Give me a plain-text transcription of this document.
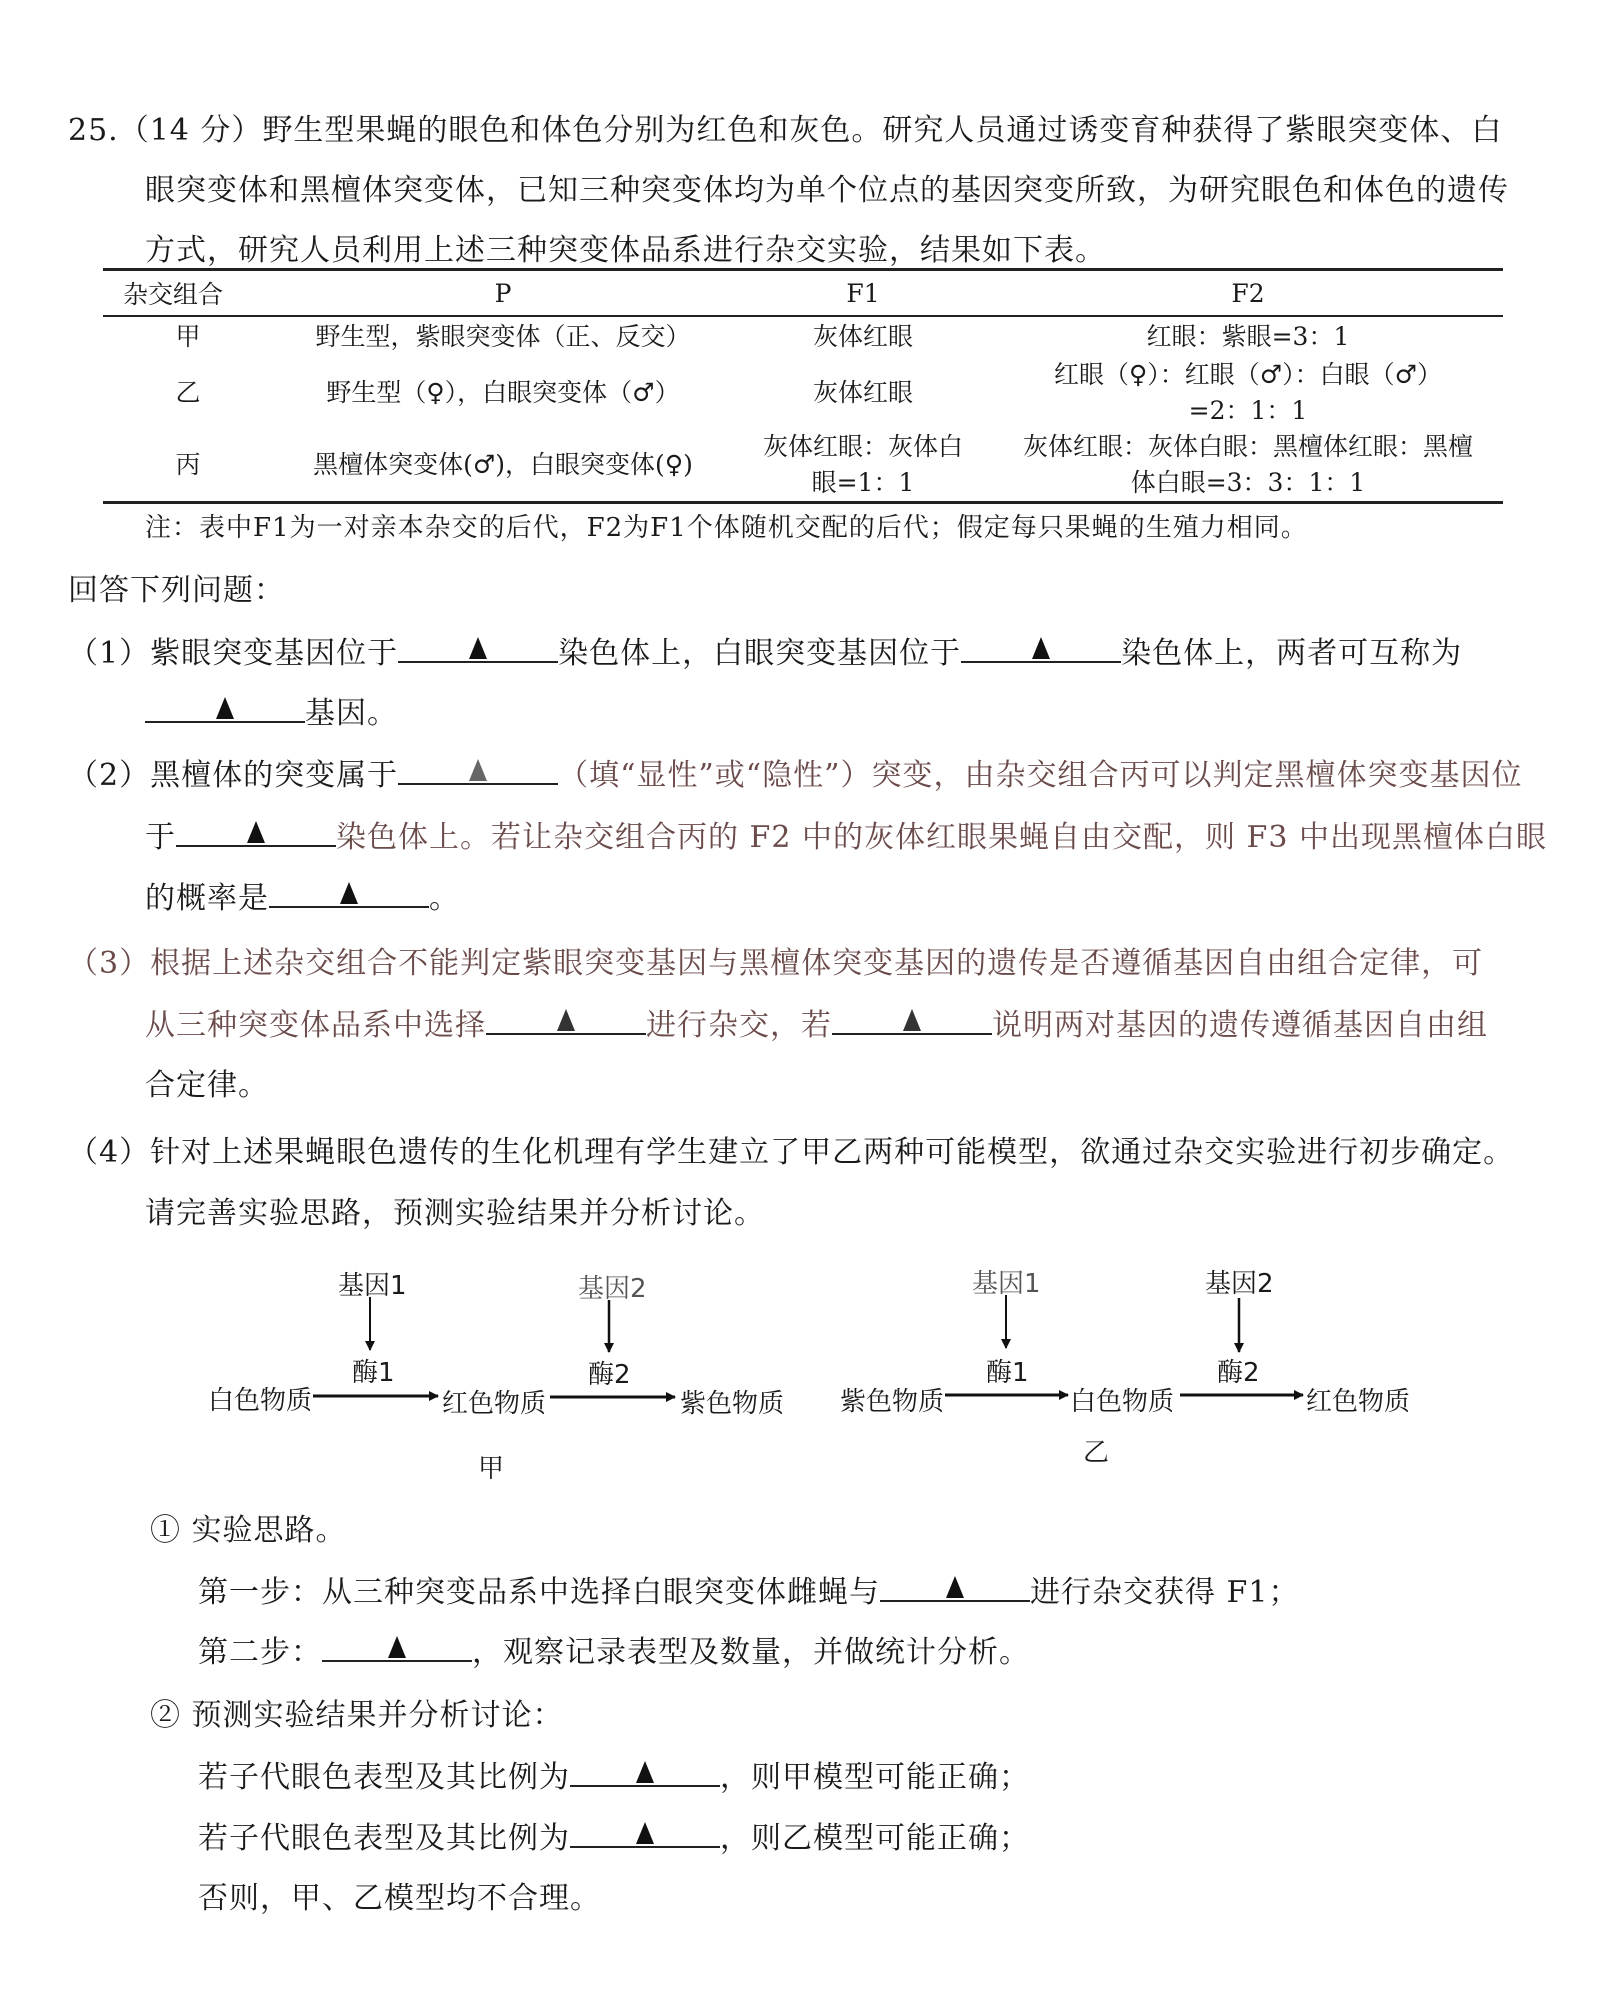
25.（14 分）野生型果蝇的眼色和体色分别为红色和灰色。研究人员通过诱变育种获得了紫眼突变体、白
眼突变体和黑檀体突变体，已知三种突变体均为单个位点的基因突变所致，为研究眼色和体色的遗传
方式，研究人员利用上述三种突变体品系进行杂交实验，结果如下表。
杂交组合	P	F1	F2
甲	野生型，紫眼突变体（正、反交）	灰体红眼	红眼：紫眼=3：1
乙	野生型（♀），白眼突变体（♂）	灰体红眼	红眼（♀）：红眼（♂）：白眼（♂）=2：1：1
丙	黑檀体突变体(♂)，白眼突变体(♀)	灰体红眼：灰体白眼=1：1	灰体红眼：灰体白眼：黑檀体红眼：黑檀体白眼=3：3：1：1
注：表中F1为一对亲本杂交的后代，F2为F1个体随机交配的后代；假定每只果蝇的生殖力相同。
回答下列问题：
（1）紫眼突变基因位于	染色体上，白眼突变基因位于	染色体上，两者可互称为
基因。
（2）黑檀体的突变属于	（填“显性”或“隐性”）突变，由杂交组合丙可以判定黑檀体突变基因位
于	染色体上。若让杂交组合丙的 F2 中的灰体红眼果蝇自由交配，则 F3 中出现黑檀体白眼
的概率是	。
（3）根据上述杂交组合不能判定紫眼突变基因与黑檀体突变基因的遗传是否遵循基因自由组合定律，可
从三种突变体品系中选择	进行杂交，若	说明两对基因的遗传遵循基因自由组
合定律。
（4）针对上述果蝇眼色遗传的生化机理有学生建立了甲乙两种可能模型，欲通过杂交实验进行初步确定。
请完善实验思路，预测实验结果并分析讨论。
基因1	基因2
酶1	酶2
白色物质	红色物质	紫色物质
甲
基因1	基因2
酶1	酶2
紫色物质	白色物质	红色物质
乙
① 实验思路。
第一步：从三种突变品系中选择白眼突变体雌蝇与	进行杂交获得 F1；
第二步：	，观察记录表型及数量，并做统计分析。
② 预测实验结果并分析讨论：
若子代眼色表型及其比例为	，则甲模型可能正确；
若子代眼色表型及其比例为	，则乙模型可能正确；
否则，甲、乙模型均不合理。
